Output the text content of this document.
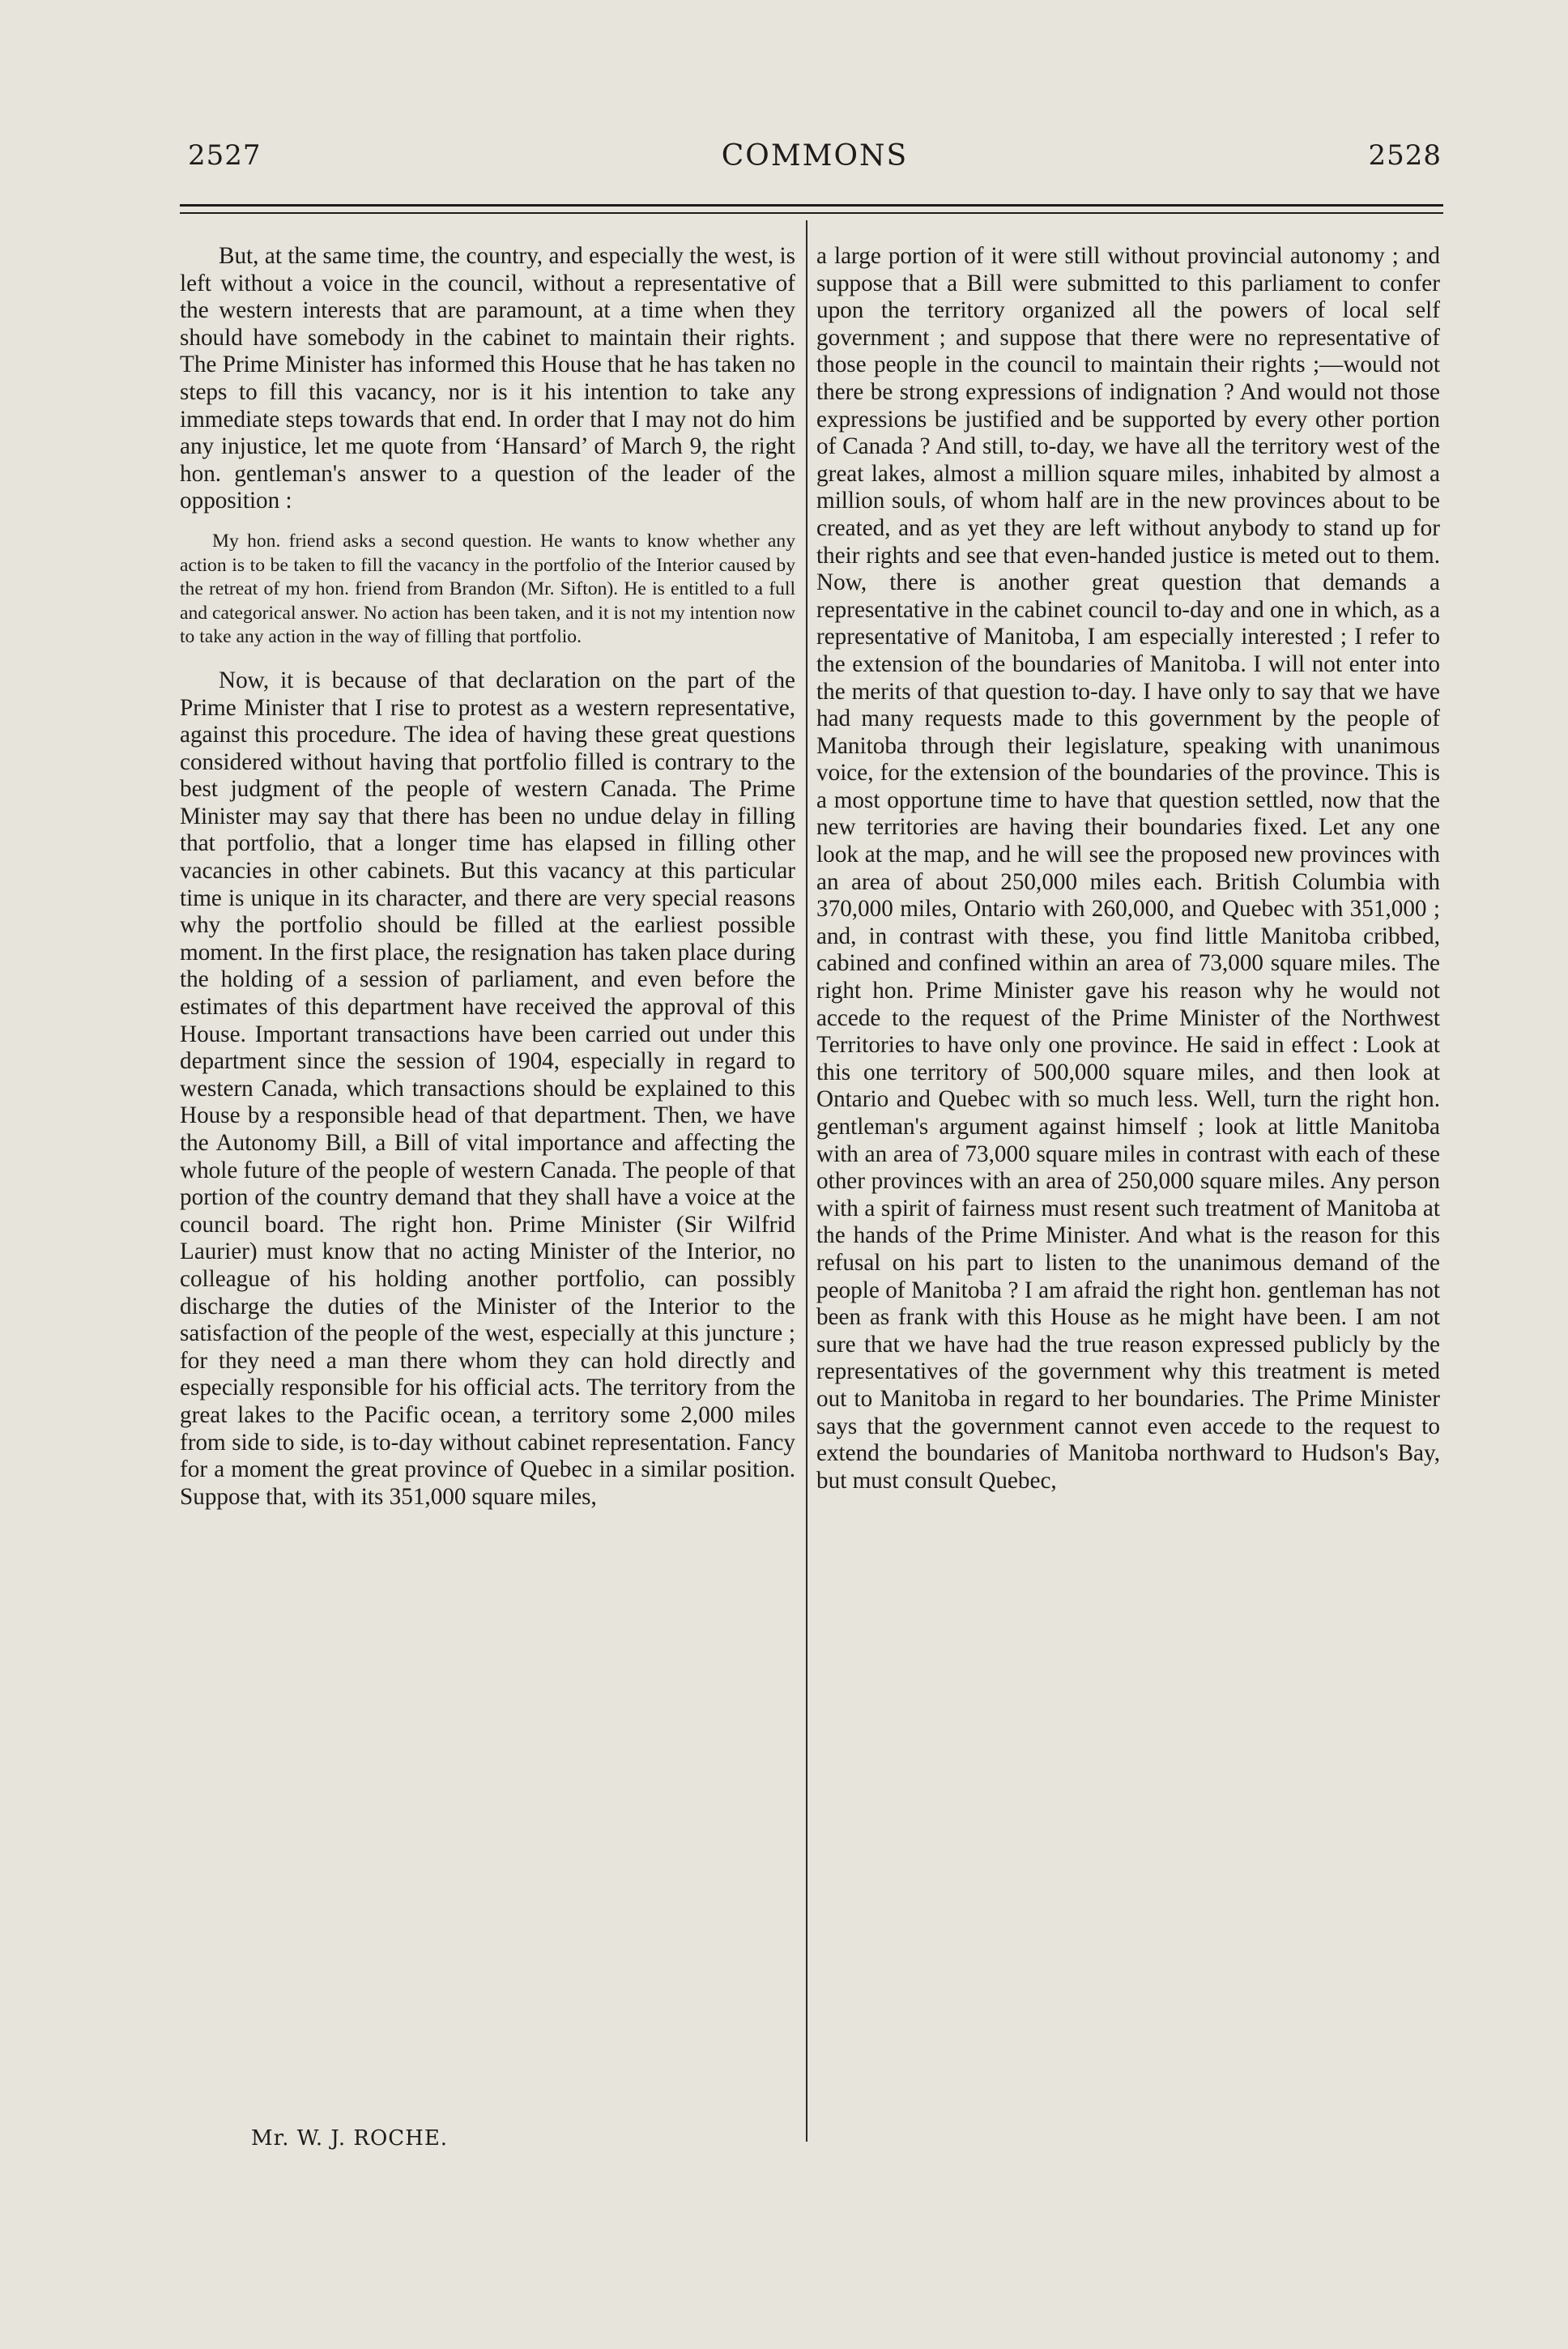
2527	COMMONS	2528

But, at the same time, the country, and especially the west, is left without a voice in the council, without a representative of the western interests that are paramount, at a time when they should have somebody in the cabinet to maintain their rights. The Prime Minister has informed this House that he has taken no steps to fill this vacancy, nor is it his intention to take any immediate steps towards that end. In order that I may not do him any injustice, let me quote from ‘Hansard’ of March 9, the right hon. gentleman's answer to a question of the leader of the opposition :

My hon. friend asks a second question. He wants to know whether any action is to be taken to fill the vacancy in the portfolio of the Interior caused by the retreat of my hon. friend from Brandon (Mr. Sifton). He is entitled to a full and categorical answer. No action has been taken, and it is not my intention now to take any action in the way of filling that portfolio.

Now, it is because of that declaration on the part of the Prime Minister that I rise to protest as a western representative, against this procedure. The idea of having these great questions considered without having that portfolio filled is contrary to the best judgment of the people of western Canada. The Prime Minister may say that there has been no undue delay in filling that portfolio, that a longer time has elapsed in filling other vacancies in other cabinets. But this vacancy at this particular time is unique in its character, and there are very special reasons why the portfolio should be filled at the earliest possible moment. In the first place, the resignation has taken place during the holding of a session of parliament, and even before the estimates of this department have received the approval of this House. Important transactions have been carried out under this department since the session of 1904, especially in regard to western Canada, which transactions should be explained to this House by a responsible head of that department. Then, we have the Autonomy Bill, a Bill of vital importance and affecting the whole future of the people of western Canada. The people of that portion of the country demand that they shall have a voice at the council board. The right hon. Prime Minister (Sir Wilfrid Laurier) must know that no acting Minister of the Interior, no colleague of his holding another portfolio, can possibly discharge the duties of the Minister of the Interior to the satisfaction of the people of the west, especially at this juncture ; for they need a man there whom they can hold directly and especially responsible for his official acts. The territory from the great lakes to the Pacific ocean, a territory some 2,000 miles from side to side, is to-day without cabinet representation. Fancy for a moment the great province of Quebec in a similar position. Suppose that, with its 351,000 square miles,

a large portion of it were still without provincial autonomy ; and suppose that a Bill were submitted to this parliament to confer upon the territory organized all the powers of local self government ; and suppose that there were no representative of those people in the council to maintain their rights ;—would not there be strong expressions of indignation ? And would not those expressions be justified and be supported by every other portion of Canada ? And still, to-day, we have all the territory west of the great lakes, almost a million square miles, inhabited by almost a million souls, of whom half are in the new provinces about to be created, and as yet they are left without anybody to stand up for their rights and see that even-handed justice is meted out to them. Now, there is another great question that demands a representative in the cabinet council to-day and one in which, as a representative of Manitoba, I am especially interested ; I refer to the extension of the boundaries of Manitoba. I will not enter into the merits of that question to-day. I have only to say that we have had many requests made to this government by the people of Manitoba through their legislature, speaking with unanimous voice, for the extension of the boundaries of the province. This is a most opportune time to have that question settled, now that the new territories are having their boundaries fixed. Let any one look at the map, and he will see the proposed new provinces with an area of about 250,000 miles each. British Columbia with 370,000 miles, Ontario with 260,000, and Quebec with 351,000 ; and, in contrast with these, you find little Manitoba cribbed, cabined and confined within an area of 73,000 square miles. The right hon. Prime Minister gave his reason why he would not accede to the request of the Prime Minister of the Northwest Territories to have only one province. He said in effect : Look at this one territory of 500,000 square miles, and then look at Ontario and Quebec with so much less. Well, turn the right hon. gentleman's argument against himself ; look at little Manitoba with an area of 73,000 square miles in contrast with each of these other provinces with an area of 250,000 square miles. Any person with a spirit of fairness must resent such treatment of Manitoba at the hands of the Prime Minister. And what is the reason for this refusal on his part to listen to the unanimous demand of the people of Manitoba ? I am afraid the right hon. gentleman has not been as frank with this House as he might have been. I am not sure that we have had the true reason expressed publicly by the representatives of the government why this treatment is meted out to Manitoba in regard to her boundaries. The Prime Minister says that the government cannot even accede to the request to extend the boundaries of Manitoba northward to Hudson's Bay, but must consult Quebec,

Mr. W. J. ROCHE.
